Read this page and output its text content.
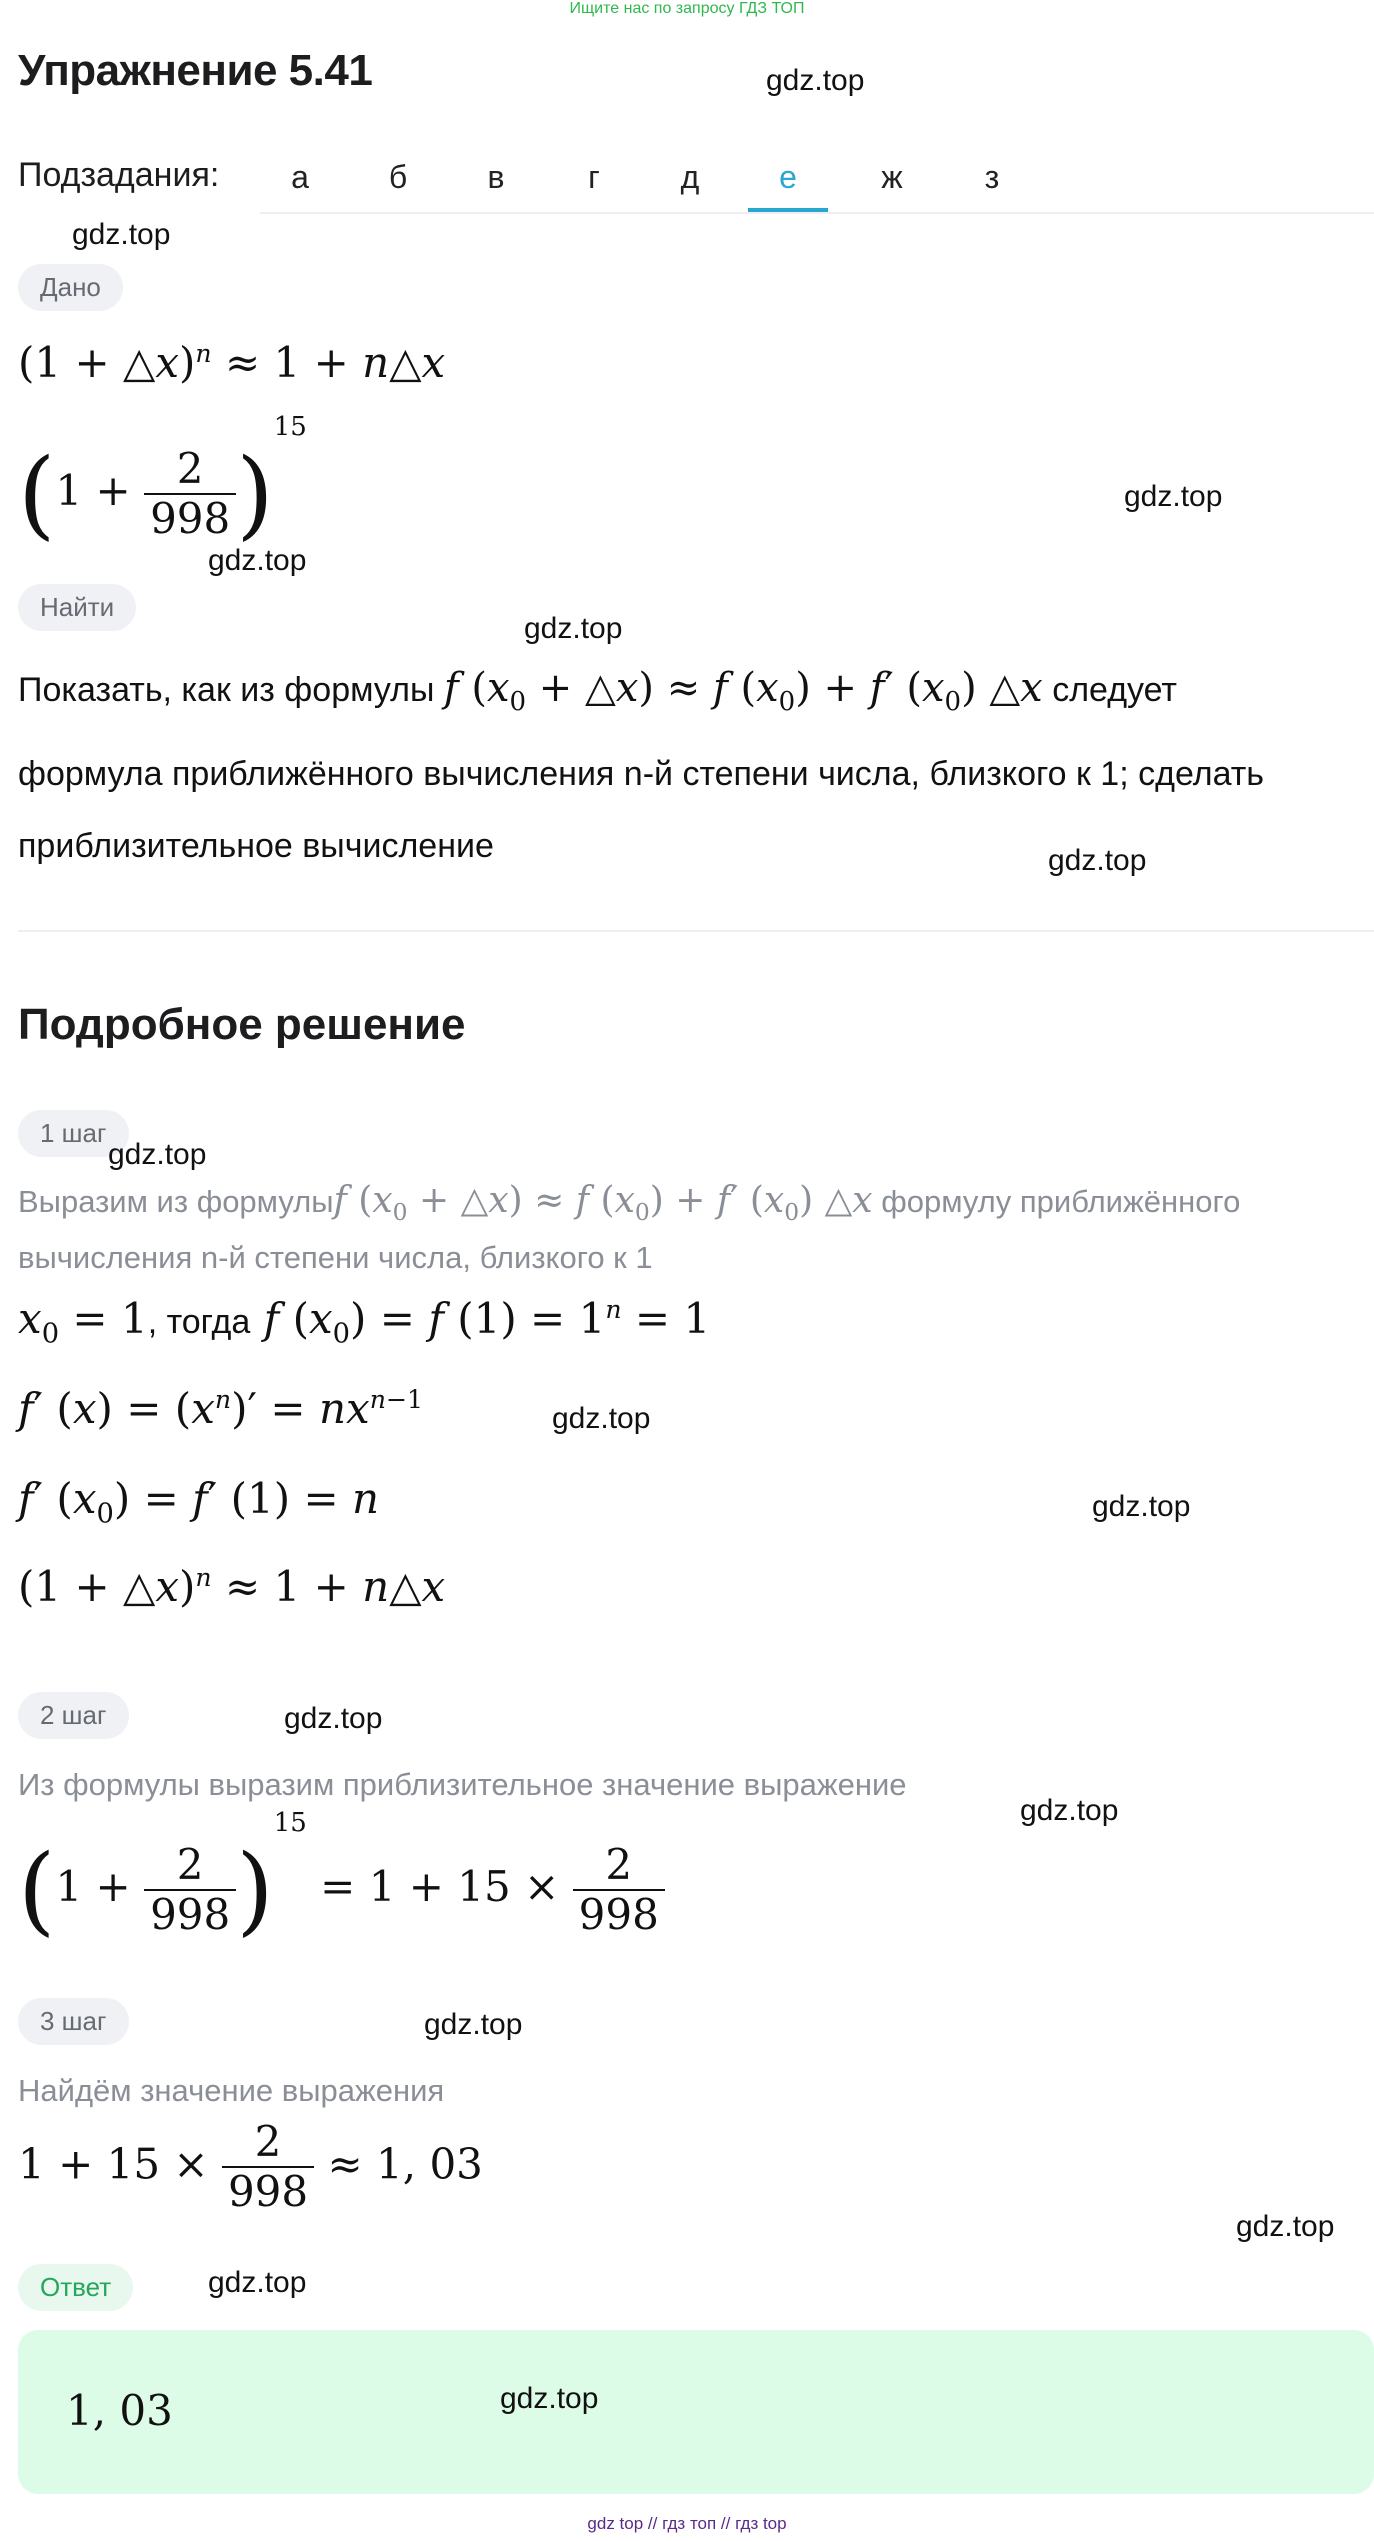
Ищите нас по запросу ГДЗ ТОП
Упражнение 5.41	gdz.top
Подзадания:	а	б	в	г	д	е	ж	з
gdz.top
Дано
(1 + △x)$^n$ ≈ 1 + n△x
$(1 + \frac{2}{998} )^{15}$
gdz.top
gdz.top
Найти
gdz.top
Показать, как из формулы f ($x_0$ + △x) ≈ f $(x_0) + f'$ $(x_0)$ △x следует
формула приближённого вычисления n-й степени числа, близкого к 1; сделать
приблизительное вычисление	gdz.top
Подробное решение
1 шаг
gdz.top
Выразим из формулыf ($x_0$ + △x) ≈ f $(x_0) + f'$ $(x_0)$ △x формулу приближённого
вычисления n-й степени числа, близкого к 1
$x_0 = 1$, тогда f $(x_0) = f$ $(1) = 1^n = 1$
f′ $(x) = (x^n)' = nx^{n-1}$
gdz.top
f′ $(x_0) = f'$ (1) = n	gdz.top
(1 + △x)$^n$ ≈ 1 + n△x
2 шаг	gdz.top
Из формулы выразим приблизительное значение выражение
gdz.top
$(1 + \frac{2}{998} )^{15} = 1 + 15 \times \frac{2}{998}$
3 шаг	gdz.top
Найдём значение выражения
$1 + 15 \times \frac{2}{998} \approx 1$, 03
gdz.top
Ответ	gdz.top
1, 03	gdz.top
gdz top // гдз топ // гдз top
